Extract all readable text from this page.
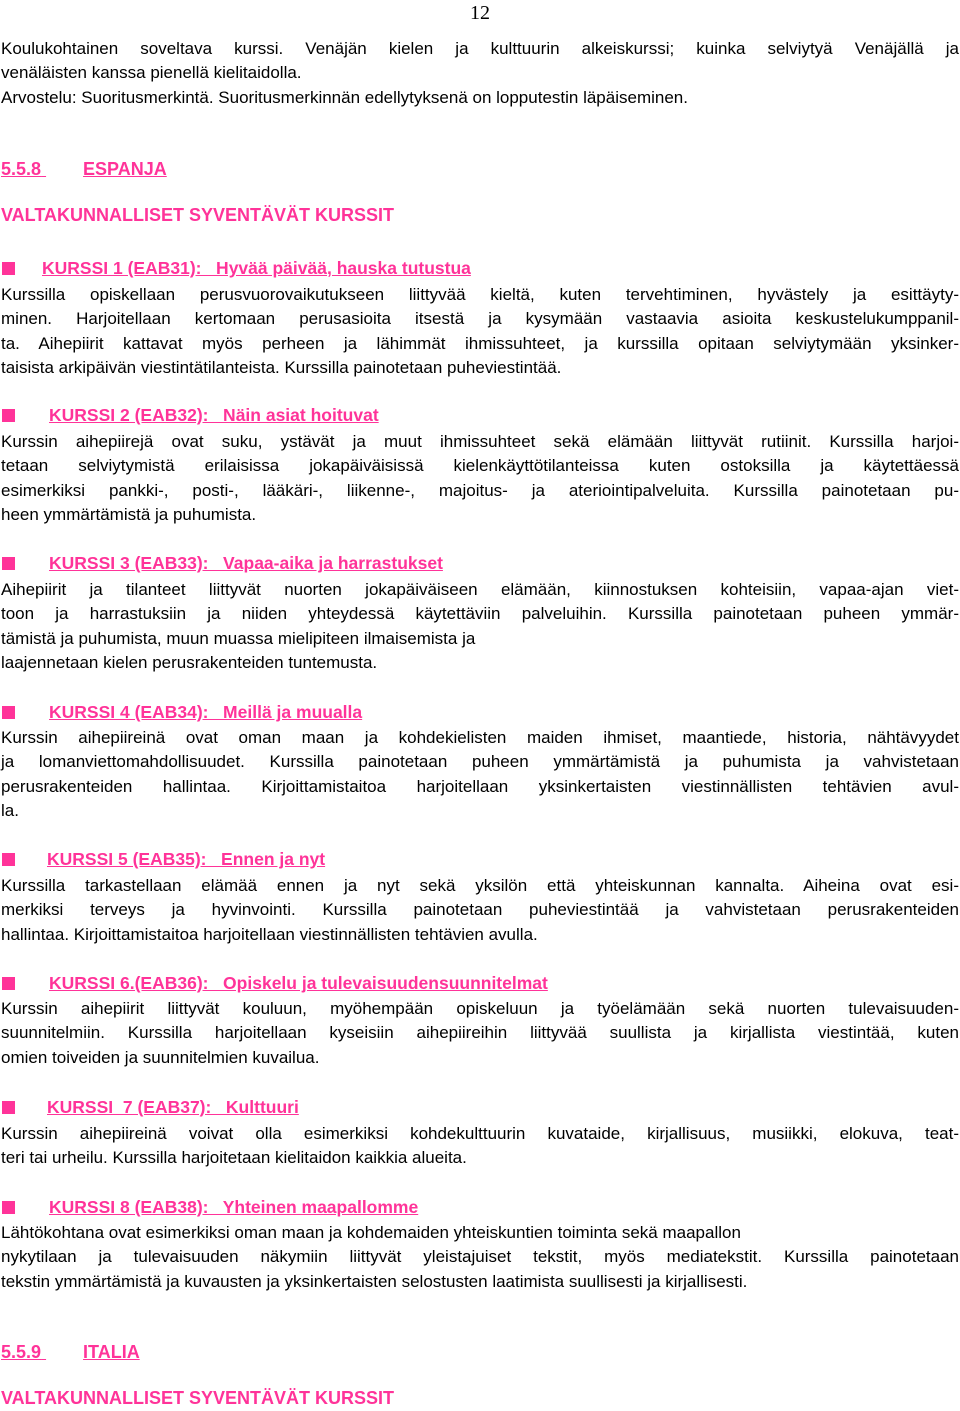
12
Koulukohtainen soveltava kurssi. Venäjän kielen ja kulttuurin alkeiskurssi; kuinka selviytyä Venäjällä ja
venäläisten kanssa pienellä kielitaidolla.
Arvostelu: Suoritusmerkintä. Suoritusmerkinnän edellytyksenä on lopputestin läpäiseminen.
5.5.8 ESPANJA
VALTAKUNNALLISET SYVENTÄVÄT KURSSIT
KURSSI 1 (EAB31):   Hyvää päivää, hauska tutustua
Kurssilla opiskellaan perusvuorovaikutukseen liittyvää kieltä, kuten tervehtiminen, hyvästely ja esittäyty-
minen. Harjoitellaan kertomaan perusasioita itsestä ja kysymään vastaavia asioita keskustelukumppanil-
ta. Aihepiirit kattavat myös perheen ja lähimmät ihmissuhteet, ja kurssilla opitaan selviytymään yksinker-
taisista arkipäivän viestintätilanteista. Kurssilla painotetaan puheviestintää.
KURSSI 2 (EAB32):   Näin asiat hoituvat
Kurssin aihepiirejä ovat suku, ystävät ja muut ihmissuhteet sekä elämään liittyvät rutiinit. Kurssilla harjoi-
tetaan selviytymistä erilaisissa jokapäiväisissä kielenkäyttötilanteissa kuten ostoksilla ja käytettäessä
esimerkiksi pankki-, posti-, lääkäri-, liikenne-, majoitus- ja ateriointipalveluita. Kurssilla painotetaan pu-
heen ymmärtämistä ja puhumista.
KURSSI 3 (EAB33):   Vapaa-aika ja harrastukset
Aihepiirit ja tilanteet liittyvät nuorten jokapäiväiseen elämään, kiinnostuksen kohteisiin, vapaa-ajan viet-
toon ja harrastuksiin ja niiden yhteydessä käytettäviin palveluihin. Kurssilla painotetaan puheen ymmär-
tämistä ja puhumista, muun muassa mielipiteen ilmaisemista ja
laajennetaan kielen perusrakenteiden tuntemusta.
KURSSI 4 (EAB34):   Meillä ja muualla
Kurssin aihepiireinä ovat oman maan ja kohdekielisten maiden ihmiset, maantiede, historia, nähtävyydet
ja lomanviettomahdollisuudet. Kurssilla painotetaan puheen ymmärtämistä ja puhumista ja vahvistetaan
perusrakenteiden hallintaa. Kirjoittamistaitoa harjoitellaan yksinkertaisten viestinnällisten tehtävien avul-
la.
KURSSI 5 (EAB35):   Ennen ja nyt
Kurssilla tarkastellaan elämää ennen ja nyt sekä yksilön että yhteiskunnan kannalta. Aiheina ovat esi-
merkiksi terveys ja hyvinvointi. Kurssilla painotetaan puheviestintää ja vahvistetaan perusrakenteiden
hallintaa. Kirjoittamistaitoa harjoitellaan viestinnällisten tehtävien avulla.
KURSSI 6.(EAB36):   Opiskelu ja tulevaisuudensuunnitelmat
Kurssin aihepiirit liittyvät kouluun, myöhempään opiskeluun ja työelämään sekä nuorten tulevaisuuden-
suunnitelmiin. Kurssilla harjoitellaan kyseisiin aihepiireihin liittyvää suullista ja kirjallista viestintää, kuten
omien toiveiden ja suunnitelmien kuvailua.
KURSSI  7 (EAB37):   Kulttuuri
Kurssin aihepiireinä voivat olla esimerkiksi kohdekulttuurin kuvataide, kirjallisuus, musiikki, elokuva, teat-
teri tai urheilu. Kurssilla harjoitetaan kielitaidon kaikkia alueita.
KURSSI 8 (EAB38):   Yhteinen maapallomme
Lähtökohtana ovat esimerkiksi oman maan ja kohdemaiden yhteiskuntien toiminta sekä maapallon
nykytilaan ja tulevaisuuden näkymiin liittyvät yleistajuiset tekstit, myös mediatekstit. Kurssilla painotetaan
tekstin ymmärtämistä ja kuvausten ja yksinkertaisten selostusten laatimista suullisesti ja kirjallisesti.
5.5.9 ITALIA
VALTAKUNNALLISET SYVENTÄVÄT KURSSIT
